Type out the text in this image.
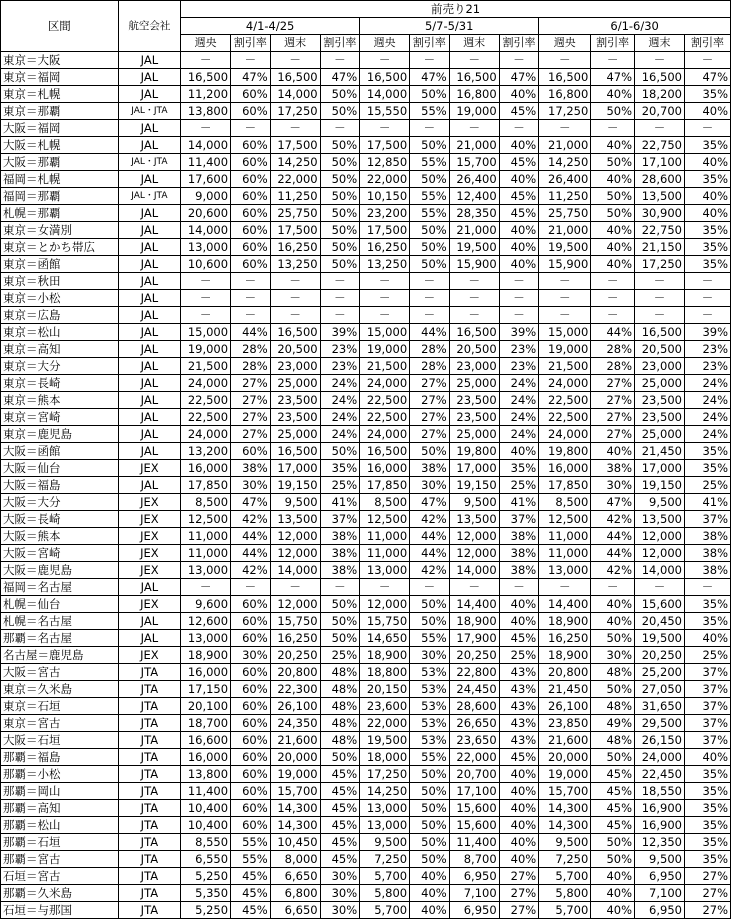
区間	航空会社	前売り21											
		4/1-4/25				5/7-5/31				6/1-6/30			
		週央	割引率	週末	割引率	週央	割引率	週末	割引率	週央	割引率	週末	割引率
東京＝大阪	JAL	－	－	－	－	－	－	－	－	－	－	－	－
東京＝福岡	JAL	16,500	47%	16,500	47%	16,500	47%	16,500	47%	16,500	47%	16,500	47%
東京＝札幌	JAL	11,200	60%	14,000	50%	14,000	50%	16,800	40%	16,800	40%	18,200	35%
東京＝那覇	JAL・JTA	13,800	60%	17,250	50%	15,550	55%	19,000	45%	17,250	50%	20,700	40%
大阪＝福岡	JAL	－	－	－	－	－	－	－	－	－	－	－	－
大阪＝札幌	JAL	14,000	60%	17,500	50%	17,500	50%	21,000	40%	21,000	40%	22,750	35%
大阪＝那覇	JAL・JTA	11,400	60%	14,250	50%	12,850	55%	15,700	45%	14,250	50%	17,100	40%
福岡＝札幌	JAL	17,600	60%	22,000	50%	22,000	50%	26,400	40%	26,400	40%	28,600	35%
福岡＝那覇	JAL・JTA	9,000	60%	11,250	50%	10,150	55%	12,400	45%	11,250	50%	13,500	40%
札幌＝那覇	JAL	20,600	60%	25,750	50%	23,200	55%	28,350	45%	25,750	50%	30,900	40%
東京＝女満別	JAL	14,000	60%	17,500	50%	17,500	50%	21,000	40%	21,000	40%	22,750	35%
東京＝とかち帯広	JAL	13,000	60%	16,250	50%	16,250	50%	19,500	40%	19,500	40%	21,150	35%
東京＝函館	JAL	10,600	60%	13,250	50%	13,250	50%	15,900	40%	15,900	40%	17,250	35%
東京＝秋田	JAL	－	－	－	－	－	－	－	－	－	－	－	－
東京＝小松	JAL	－	－	－	－	－	－	－	－	－	－	－	－
東京＝広島	JAL	－	－	－	－	－	－	－	－	－	－	－	－
東京＝松山	JAL	15,000	44%	16,500	39%	15,000	44%	16,500	39%	15,000	44%	16,500	39%
東京＝高知	JAL	19,000	28%	20,500	23%	19,000	28%	20,500	23%	19,000	28%	20,500	23%
東京＝大分	JAL	21,500	28%	23,000	23%	21,500	28%	23,000	23%	21,500	28%	23,000	23%
東京＝長崎	JAL	24,000	27%	25,000	24%	24,000	27%	25,000	24%	24,000	27%	25,000	24%
東京＝熊本	JAL	22,500	27%	23,500	24%	22,500	27%	23,500	24%	22,500	27%	23,500	24%
東京＝宮崎	JAL	22,500	27%	23,500	24%	22,500	27%	23,500	24%	22,500	27%	23,500	24%
東京＝鹿児島	JAL	24,000	27%	25,000	24%	24,000	27%	25,000	24%	24,000	27%	25,000	24%
大阪＝函館	JAL	13,200	60%	16,500	50%	16,500	50%	19,800	40%	19,800	40%	21,450	35%
大阪＝仙台	JEX	16,000	38%	17,000	35%	16,000	38%	17,000	35%	16,000	38%	17,000	35%
大阪＝福島	JAL	17,850	30%	19,150	25%	17,850	30%	19,150	25%	17,850	30%	19,150	25%
大阪＝大分	JEX	8,500	47%	9,500	41%	8,500	47%	9,500	41%	8,500	47%	9,500	41%
大阪＝長崎	JEX	12,500	42%	13,500	37%	12,500	42%	13,500	37%	12,500	42%	13,500	37%
大阪＝熊本	JEX	11,000	44%	12,000	38%	11,000	44%	12,000	38%	11,000	44%	12,000	38%
大阪＝宮崎	JEX	11,000	44%	12,000	38%	11,000	44%	12,000	38%	11,000	44%	12,000	38%
大阪＝鹿児島	JEX	13,000	42%	14,000	38%	13,000	42%	14,000	38%	13,000	42%	14,000	38%
福岡＝名古屋	JAL	－	－	－	－	－	－	－	－	－	－	－	－
札幌＝仙台	JEX	9,600	60%	12,000	50%	12,000	50%	14,400	40%	14,400	40%	15,600	35%
札幌＝名古屋	JAL	12,600	60%	15,750	50%	15,750	50%	18,900	40%	18,900	40%	20,450	35%
那覇＝名古屋	JAL	13,000	60%	16,250	50%	14,650	55%	17,900	45%	16,250	50%	19,500	40%
名古屋＝鹿児島	JEX	18,900	30%	20,250	25%	18,900	30%	20,250	25%	18,900	30%	20,250	25%
大阪＝宮古	JTA	16,000	60%	20,800	48%	18,800	53%	22,800	43%	20,800	48%	25,200	37%
東京＝久米島	JTA	17,150	60%	22,300	48%	20,150	53%	24,450	43%	21,450	50%	27,050	37%
東京＝石垣	JTA	20,100	60%	26,100	48%	23,600	53%	28,600	43%	26,100	48%	31,650	37%
東京＝宮古	JTA	18,700	60%	24,350	48%	22,000	53%	26,650	43%	23,850	49%	29,500	37%
大阪＝石垣	JTA	16,600	60%	21,600	48%	19,500	53%	23,650	43%	21,600	48%	26,150	37%
那覇＝福島	JTA	16,000	60%	20,000	50%	18,000	55%	22,000	45%	20,000	50%	24,000	40%
那覇＝小松	JTA	13,800	60%	19,000	45%	17,250	50%	20,700	40%	19,000	45%	22,450	35%
那覇＝岡山	JTA	11,400	60%	15,700	45%	14,250	50%	17,100	40%	15,700	45%	18,550	35%
那覇＝高知	JTA	10,400	60%	14,300	45%	13,000	50%	15,600	40%	14,300	45%	16,900	35%
那覇＝松山	JTA	10,400	60%	14,300	45%	13,000	50%	15,600	40%	14,300	45%	16,900	35%
那覇＝石垣	JTA	8,550	55%	10,450	45%	9,500	50%	11,400	40%	9,500	50%	12,350	35%
那覇＝宮古	JTA	6,550	55%	8,000	45%	7,250	50%	8,700	40%	7,250	50%	9,500	35%
石垣＝宮古	JTA	5,250	45%	6,650	30%	5,700	40%	6,950	27%	5,700	40%	6,950	27%
那覇＝久米島	JTA	5,350	45%	6,800	30%	5,800	40%	7,100	27%	5,800	40%	7,100	27%
石垣＝与那国	JTA	5,250	45%	6,650	30%	5,700	40%	6,950	27%	5,700	40%	6,950	27%
